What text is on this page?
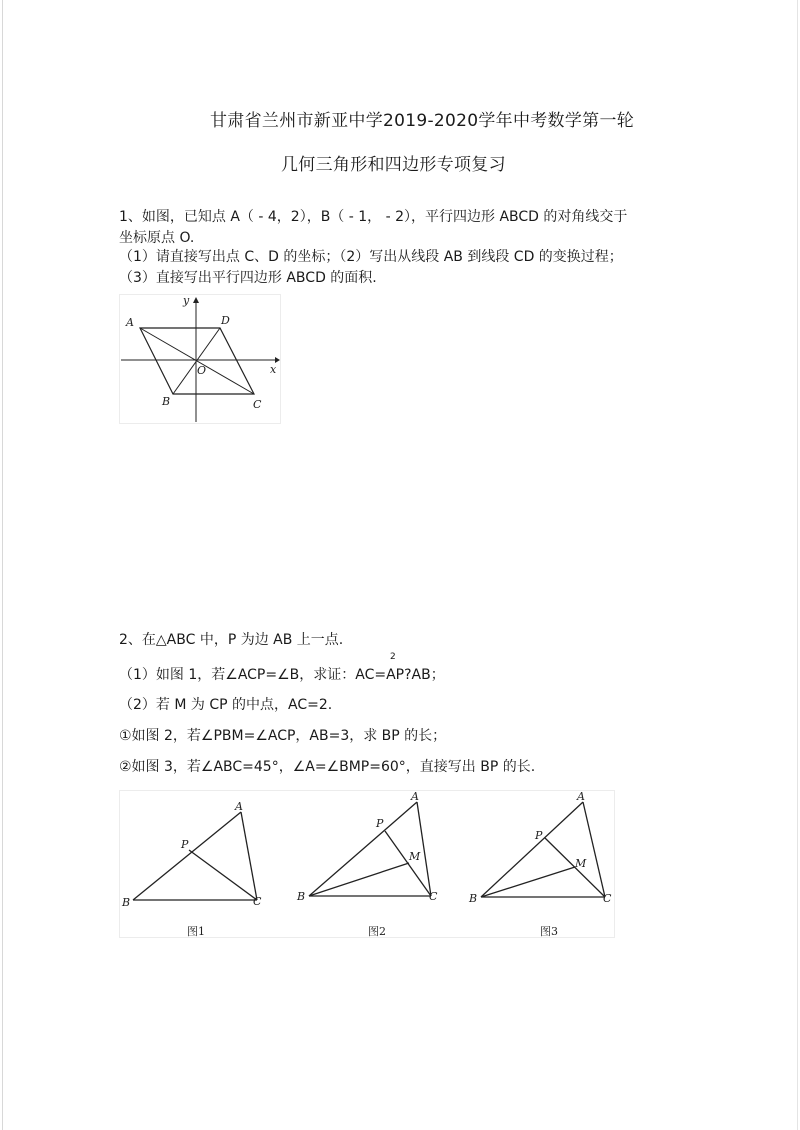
甘肃省兰州市新亚中学2019-2020学年中考数学第一轮
几何三角形和四边形专项复习
1、如图，已知点 A（ - 4，2），B（ - 1， - 2），平行四边形 ABCD 的对角线交于
坐标原点 O.
（1）请直接写出点 C、D 的坐标；（2）写出从线段 AB 到线段 CD 的变换过程；
（3）直接写出平行四边形 ABCD 的面积.
A	D
B	C
O	x
y
2、在△ABC 中，P 为边 AB 上一点.
（1）如图 1，若∠ACP=∠B，求证：AC=AP?AB；
2
（2）若 M 为 CP 的中点，AC=2.
①如图 2，若∠PBM=∠ACP，AB=3，求 BP 的长；
②如图 3，若∠ABC=45°，∠A=∠BMP=60°，直接写出 BP 的长.
A
P
B	C
图1
A
P
M
B	C
图2
A
P
M
B	C
图3
